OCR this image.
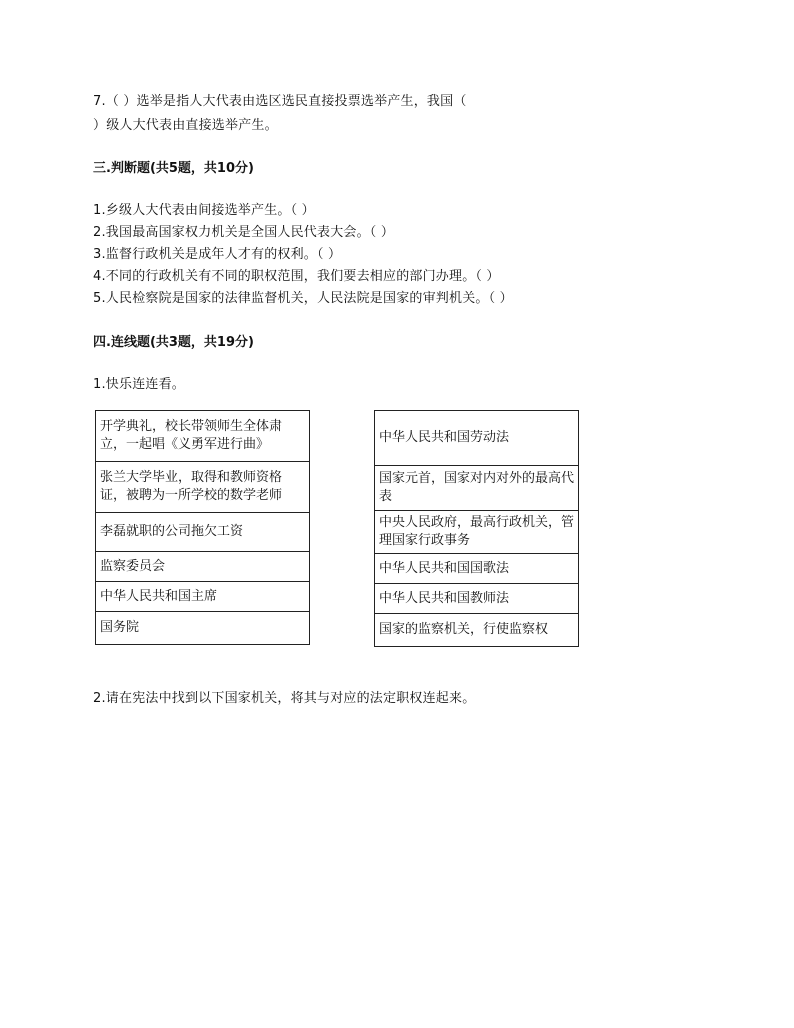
7.（ ）选举是指人大代表由选区选民直接投票选举产生，我国（
）级人大代表由直接选举产生。
三.判断题(共5题，共10分)
1.乡级人大代表由间接选举产生。（ ）
2.我国最高国家权力机关是全国人民代表大会。（ ）
3.监督行政机关是成年人才有的权利。（ ）
4.不同的行政机关有不同的职权范围，我们要去相应的部门办理。（ ）
5.人民检察院是国家的法律监督机关，人民法院是国家的审判机关。（ ）
四.连线题(共3题，共19分)
1.快乐连连看。
开学典礼，校长带领师生全体肃立，一起唱《义勇军进行曲》
张兰大学毕业，取得和教师资格证，被聘为一所学校的数学老师
李磊就职的公司拖欠工资
监察委员会
中华人民共和国主席
国务院
中华人民共和国劳动法
国家元首，国家对内对外的最高代表
中央人民政府，最高行政机关，管理国家行政事务
中华人民共和国国歌法
中华人民共和国教师法
国家的监察机关，行使监察权
2.请在宪法中找到以下国家机关，将其与对应的法定职权连起来。
